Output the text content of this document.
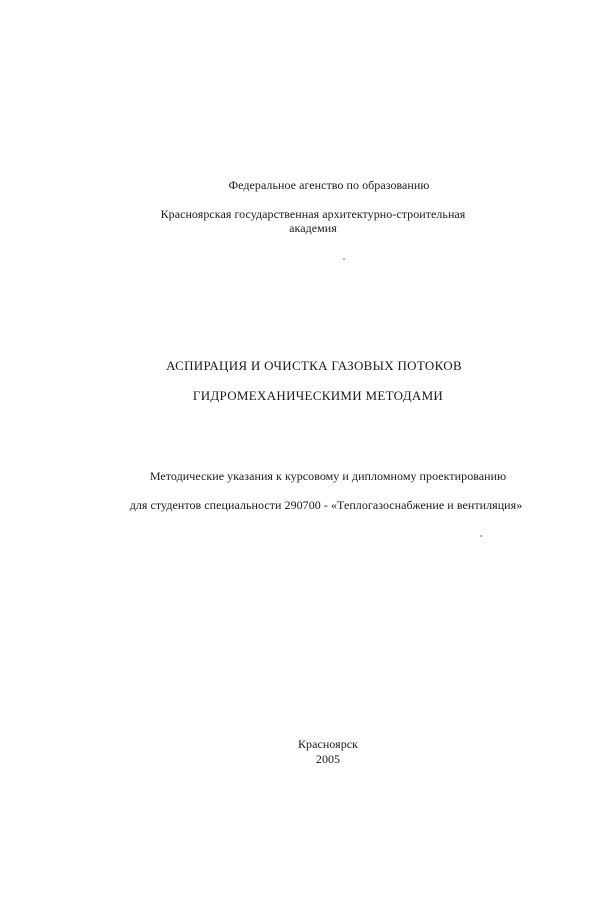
Федеральное агенство по образованию
Красноярская государственная архитектурно-строительная
академия
АСПИРАЦИЯ И ОЧИСТКА ГАЗОВЫХ ПОТОКОВ
ГИДРОМЕХАНИЧЕСКИМИ МЕТОДАМИ
Методические указания к курсовому и дипломному проектированию
для студентов специальности 290700 - «Теплогазоснабжение и вентиляция»
Красноярск
2005
